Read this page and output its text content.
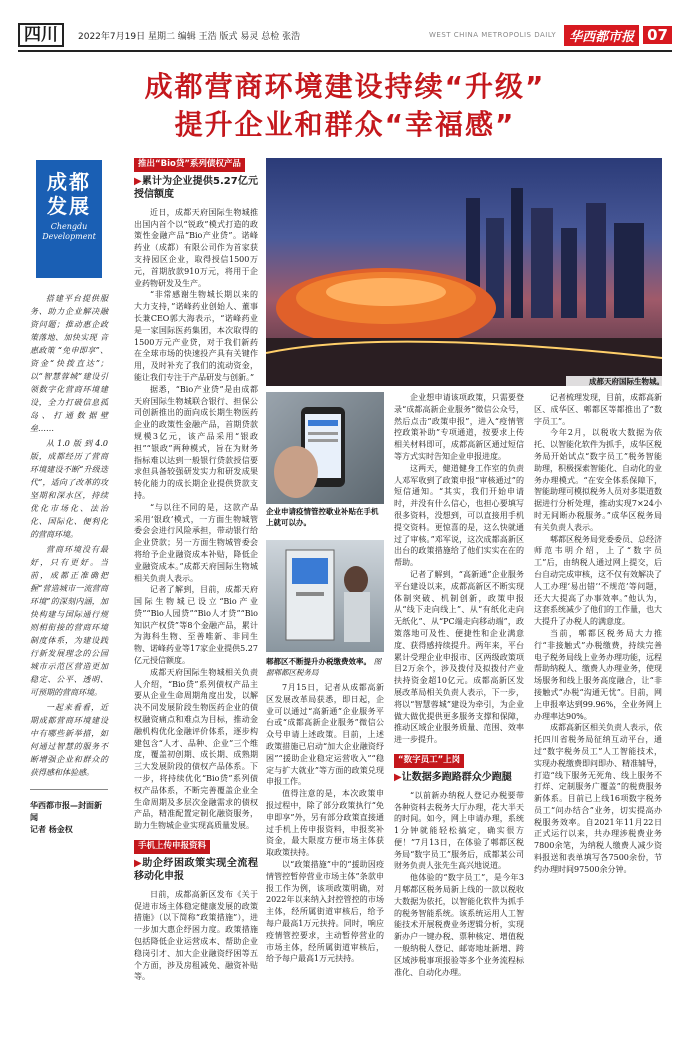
四川	2022年7月19日 星期二 编辑 王浩 版式 易灵 总检 张浩	WEST CHINA METROPOLIS DAILY	华西都市报 07
成都营商环境建设持续“升级”
提升企业和群众“幸福感”
成都
发展
Chengdu Development

搭建平台提供服务、助力企业解决融资问题；推动惠企政策落地、加快实现 音惠政策 “免申即享”、资金“快拨直达”；以“智慧蓉城”建设引领数字化营商环境建设，全力打破信息孤岛、打通数据壁垒……

从1.0版到4.0版，成都经历了营商环境建设不断“升级迭代”，适向了改革的攻坚期和深水区，持续优化市场化、法治化、国际化、便利化的营商环境。

营商环境没有最好，只有更好。当前，成都正准确把握“营造城市一流营商环境”的深刻内涵，加快构建与国际通行规则相衔接的营商环境制度体系，为建设践行新发展理念的公园城市示范区营造更加稳定、公平、透明、可预期的营商环境。

一起来看看，近期成都营商环境建设中有哪些新举措，如何通过智慧的服务不断增强企业和群众的获得感和体验感。

华西都市报—封面新闻
记者 杨金权
推出“Bio贷”系列债权产品
▶累计为企业提供5.27亿元授信额度

近日，成都天府国际生物城推出国内首个以“锐政”模式打造的政策性金融产品“Bio产业贷”。诺峰药业（成都）有限公司作为首家获支持园区企业，取得授信1500万元，首期放款910万元，将用于企业药物研发及生产。

“非常感谢生物城长期以来的大力支持，”诺峰药业创始人、董事长兼CEO郭大海表示，“诺峰药业是一家国际医药集团，本次取得的1500万元产业贷，对于我们新药在全球市场的快速投产具有关键作用，及时补充了我们的流动资金，能让我们专注于产品研发与创新。”

据悉，“Bio产业贷”是由成都天府国际生物城联合银行、担保公司创新推出的面向成长期生物医药企业的政策性金融产品，首期贷款规模3亿元，该产品采用“银政担”“银政”两种模式，旨在为财务指标难以达到一般银行贷款授信要求但具备较强研发实力和研发成果转化能力的成长期企业提供贷款支持。

“与以往不同的是，这款产品采用‘银政’模式，一方面生物城管委会会进行风险承担，带动银行给企业贷款；另一方面生物城管委会将给予企业融资成本补贴，降低企业融资成本。”成都天府国际生物城相关负责人表示。

记者了解到，目前，成都天府国际生物城已设立“Bio产业贷”“Bio人园贷”“Bio人才贷”“Bio知识产权贷”等8个金融产品，累计为海科生物、至善唯新、非同生物、诺峰药业等17家企业提供5.27亿元授信额度。

成都天府国际生物城相关负责人介绍，“Bio贷”系列债权产品主要从企业生命周期角度出发，以解决不同发展阶段生物医药企业的债权融资痛点和难点为目标，推动金融机构优化金融评价体系，逐步构建包含“人才、品种、企业”三个维度，覆盖初创期、成长期、成熟期三大发展阶段的债权产品体系。下一步，将持续优化“Bio贷”系列债权产品体系，不断完善覆盖企业全生命周期及多层次金融需求的债权产品，精准配置定制化融资服务，助力生物城企业实现高质量发展。

手机上传申报资料
▶助企纾困政策实现全流程移动化申报

日前，成都高新区发布《关于促进市场主体稳定健康发展的政策措施》（以下简称“政策措施”），进一步加大惠企纾困力度。政策措施包括降低企业运营成本、帮助企业稳岗引才、加大企业融资纾困等五个方面，涉及房租减免、融资补贴等。

成都天府国际生物城。
企业申请疫情管控歇业补贴在手机上就可以办。
郫都区不断提升办税缴费效率。 图据郫都区税务局

7月15日，记者从成都高新区发展改革局获悉，即日起，企业可以通过“高新通”企业服务平台或“成都高新企业服务”微信公众号申请上述政策。目前，上述政策措施已启动“加大企业融资纾困”“援助企业稳定运营收入”“稳定与扩大就业”等方面的政策兑现申报工作。

值得注意的是，本次政策申报过程中，除了部分政策执行“免申即享”外，另有部分政策直接通过手机上传申报资料，申报奖补资金，最大限度方便市场主体获取政策扶持。

以“政策措施”中的“援助因疫情管控暂停营业市场主体”条款申报工作为例，该项政策明确，对2022年以来纳入封控管控的市场主体，经所属街道审核后，给予每户最高1万元扶持。同时，响应疫情管控要求，主动暂停营业的市场主体，经所属街道审核后，给予每户最高1万元扶持。

企业想申请该项政策，只需要登录“成都高新企业服务”微信公众号，然后点击“政策申报”，进入“疫情管控政策补助”专项通道，按要求上传相关材料即可，成都高新区通过短信等方式实时告知企业申报进度。

这两天，健道健身工作室的负责人邓军收到了政策申报“审核通过”的短信通知。“其实，我们开始申请时，并没有什么信心，也担心要填写很多资料，没想到，可以直接用手机提交资料。更惊喜的是，这么快就通过了审核。”邓军说，这次成都高新区出台的政策措施给了他们实实在在的帮助。

记者了解到，“高新通”企业服务平台建设以来，成都高新区不断实现体制突破、机制创新，政策申报从“线下走向线上”、从“有纸化走向无纸化”、从“PC端走向移动端”，政策落地可及性、便捷性和企业满意度、获得感持续提升。两年来，平台累计受理企业申报市、区两级政策项目2万余个，涉及拨付及拟拨付产业扶持资金超10亿元。成都高新区发展改革局相关负责人表示，下一步，将以“智慧蓉城”建设为牵引，为企业做大做优提供更多服务支撑和保障，推动区域企业服务质量、范围、效率进一步提升。

“数字员工”上岗
▶让数据多跑路群众少跑腿

“以前新办纳税人登记办税要带各种资料去税务大厅办理，花大半天的时间。如今，网上申请办理，系统1分钟就能轻松搞定，确实很方便！”7月13日，在体验了郫都区税务局“数字员工”服务后，成都某公司财务负责人张先生高兴地说道。

他体验的“数字员工”，是今年3月郫都区税务局新上线的一款以税收大数据为依托，以智能化软件为抓手的税务智能系统。该系统运用人工智能技术开展税费业务逻辑分析，实现新办户一键办税、票种核定、增值税一般纳税人登记、邮寄地址新增、跨区域涉税事项报验等多个业务流程标准化、自动化办理。

记者梳理发现，目前，成都高新区、成华区、郫都区等都推出了“数字员工”。

今年2月，以税收大数据为依托、以智能化软件为抓手，成华区税务局开始试点“数字员工”税务智能助理，积极探索智能化、自动化的业务办理模式。“在安全体系保障下，智能助理可模拟税务人员对多渠道数据进行分析处理，推动实现7×24小时无间断办税服务。”成华区税务局有关负责人表示。

郫都区税务局党委委员、总经济师范韦明介绍，上了“数字员工”后，由纳税人通过网上提交，后台自动完成审核，这不仅有效解决了人工办理‘易出错’‘不规范’等问题，还大大提高了办事效率。”他认为，这套系统减少了他们的工作量，也大大提升了办税人的满意度。

当前，郫都区税务局大力推行“非接触式”办税缴费，持续完善电子税务局线上业务办理功能，远程帮助纳税人、缴费人办理业务，使现场服务和线上服务高度融合，让“非接触式”办税“沟通无忧”。目前，网上申报率达到99.96%，全业务网上办理率达90%。

成都高新区相关负责人表示，依托四川省税务局征纳互动平台，通过“数字税务员工”人工智能技术，实现办税缴费即问即办、精准辅导，打造“线下服务无死角、线上服务不打烊、定制服务广覆盖”的税费服务新体系。目前已上线16项数字税务员工“问办结合”业务，切实提高办税服务效率。自2021年11月22日正式运行以来，共办理涉税费业务7800余笔，为纳税人缴费人减少资料报送和表单填写各7500余份，节约办理时间97500余分钟。
